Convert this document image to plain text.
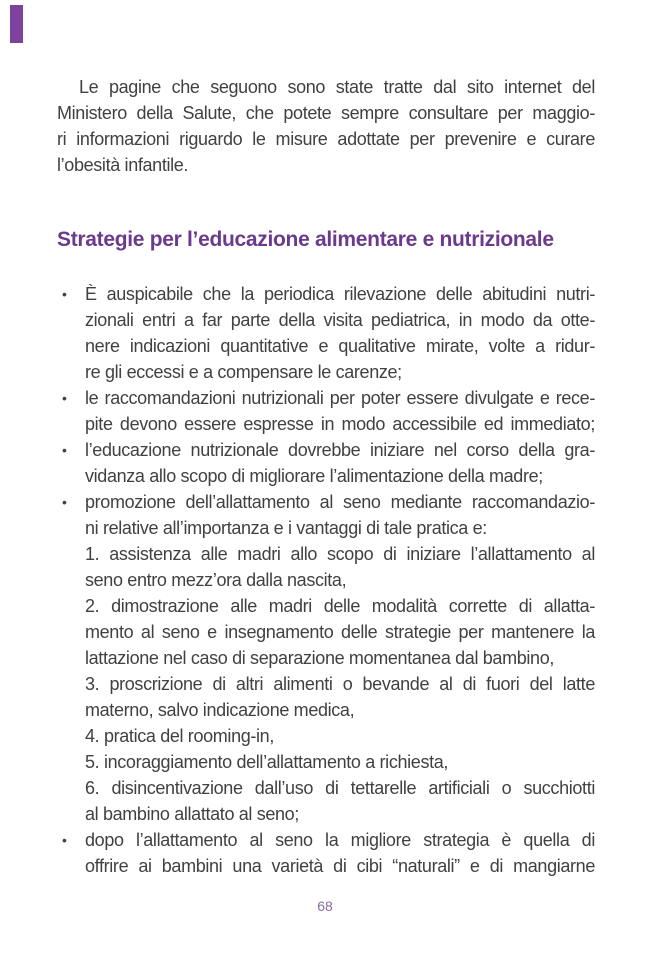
Le pagine che seguono sono state tratte dal sito internet del
Ministero della Salute, che potete sempre consultare per maggio-
ri informazioni riguardo le misure adottate per prevenire e curare
l’obesità infantile.
Strategie per l’educazione alimentare e nutrizionale
È auspicabile che la periodica rilevazione delle abitudini nutri-
•
zionali entri a far parte della visita pediatrica, in modo da otte-
nere indicazioni quantitative e qualitative mirate, volte a ridur-
re gli eccessi e a compensare le carenze;
le raccomandazioni nutrizionali per poter essere divulgate e rece-
•
pite devono essere espresse in modo accessibile ed immediato;
l’educazione nutrizionale dovrebbe iniziare nel corso della gra-
•
vidanza allo scopo di migliorare l’alimentazione della madre;
promozione dell’allattamento al seno mediante raccomandazio-
•
ni relative all’importanza e i vantaggi di tale pratica e:
1. assistenza alle madri allo scopo di iniziare l’allattamento al
seno entro mezz’ora dalla nascita,
2. dimostrazione alle madri delle modalità corrette di allatta-
mento al seno e insegnamento delle strategie per mantenere la
lattazione nel caso di separazione momentanea dal bambino,
3. proscrizione di altri alimenti o bevande al di fuori del latte
materno, salvo indicazione medica,
4. pratica del rooming-in,
5. incoraggiamento dell’allattamento a richiesta,
6. disincentivazione dall’uso di tettarelle artificiali o succhiotti
al bambino allattato al seno;
dopo l’allattamento al seno la migliore strategia è quella di
•
offrire ai bambini una varietà di cibi “naturali” e di mangiarne
68
